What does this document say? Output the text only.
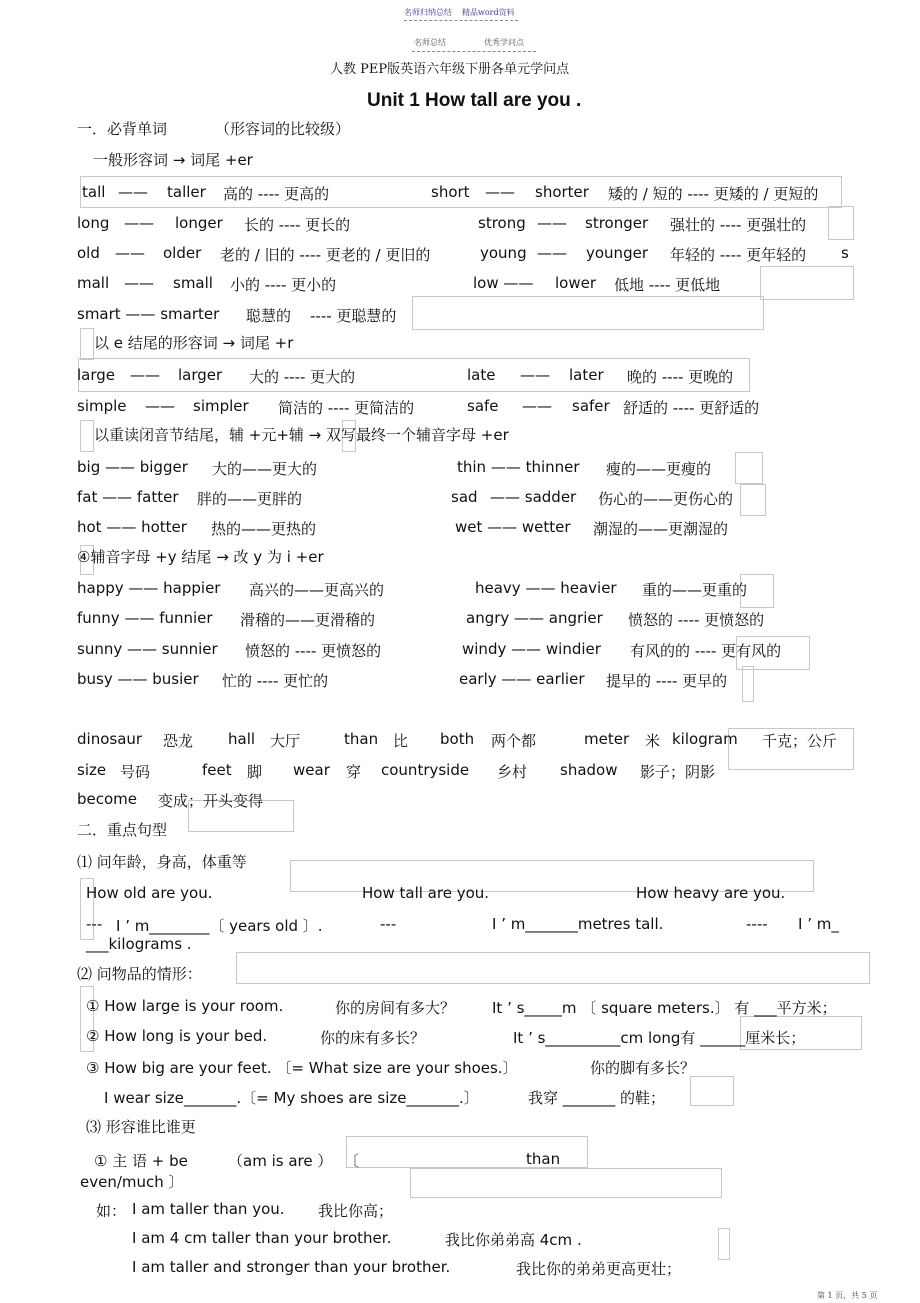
名师归纳总结 精品word资料
名师总结	优秀学问点
人教 PEP版英语六年级下册各单元学问点
Unit 1 How tall are you .
一．必背单词	（形容词的比较级）
一般形容词 → 词尾 +er
tall —— taller 高的 ---- 更高的	short —— shorter 矮的 / 短的 ---- 更矮的 / 更短的
long —— longer 长的 ---- 更长的	strong —— stronger 强壮的 ---- 更强壮的
old —— older 老的 / 旧的 ---- 更老的 / 更旧的	young —— younger 年轻的 ---- 更年轻的 s
mall —— small 小的 ---- 更小的	low —— lower 低地 ---- 更低地
smart —— smarter 聪慧的 ---- 更聪慧的
以 e 结尾的形容词 → 词尾 +r
large —— larger 大的 ---- 更大的	late —— later 晚的 ---- 更晚的
simple —— simpler 简洁的 ---- 更简洁的	safe —— safer 舒适的 ---- 更舒适的
以重读闭音节结尾，辅 +元+辅 → 双写最终一个辅音字母 +er
big —— bigger 大的——更大的	thin —— thinner 瘦的——更瘦的
fat —— fatter 胖的——更胖的	sad —— sadder 伤心的——更伤心的
hot —— hotter 热的——更热的	wet —— wetter 潮湿的——更潮湿的
④辅音字母 +y 结尾 → 改 y 为 i +er
happy —— happier 高兴的——更高兴的	heavy —— heavier 重的——更重的
funny —— funnier 滑稽的——更滑稽的	angry —— angrier 愤怒的 ---- 更愤怒的
sunny —— sunnier 愤怒的 ---- 更愤怒的	windy —— windier 有风的的 ---- 更有风的
busy —— busier 忙的 ---- 更忙的	early —— earlier 提早的 ---- 更早的
dinosaur 恐龙 hall 大厅	than 比 both 两个都	meter 米 kilogram 千克；公斤
size 号码	feet 脚 wear 穿 countryside 乡村 shadow 影子；阴影
become 变成；开头变得
二．重点句型
⑴ 问年龄，身高，体重等
How old are you.	How tall are you.	How heavy are you.
--- I ’ m________〔 years old 〕.	---	I ’ m_______metres tall.	---- I ’ m_
___kilograms .
⑵ 问物品的情形：
① How large is your room.	你的房间有多大？ It ’ s_____m 〔 square meters.〕 有 ___平方米；
② How long is your bed.	你的床有多长？	It ’ s__________cm long有 ______厘米长；
③ How big are your feet. 〔= What size are your shoes.〕	你的脚有多长？
I wear size_______.〔= My shoes are size_______.〕	我穿 _______ 的鞋；
⑶ 形容谁比谁更
① 主 语 + be	（am is are ） 〔	than
even/much 〕
如： I am taller than you. 我比你高；
I am 4 cm taller than your brother.	我比你弟弟高 4cm .
I am taller and stronger than your brother.	我比你的弟弟更高更壮；
第 1 页，共 5 页
